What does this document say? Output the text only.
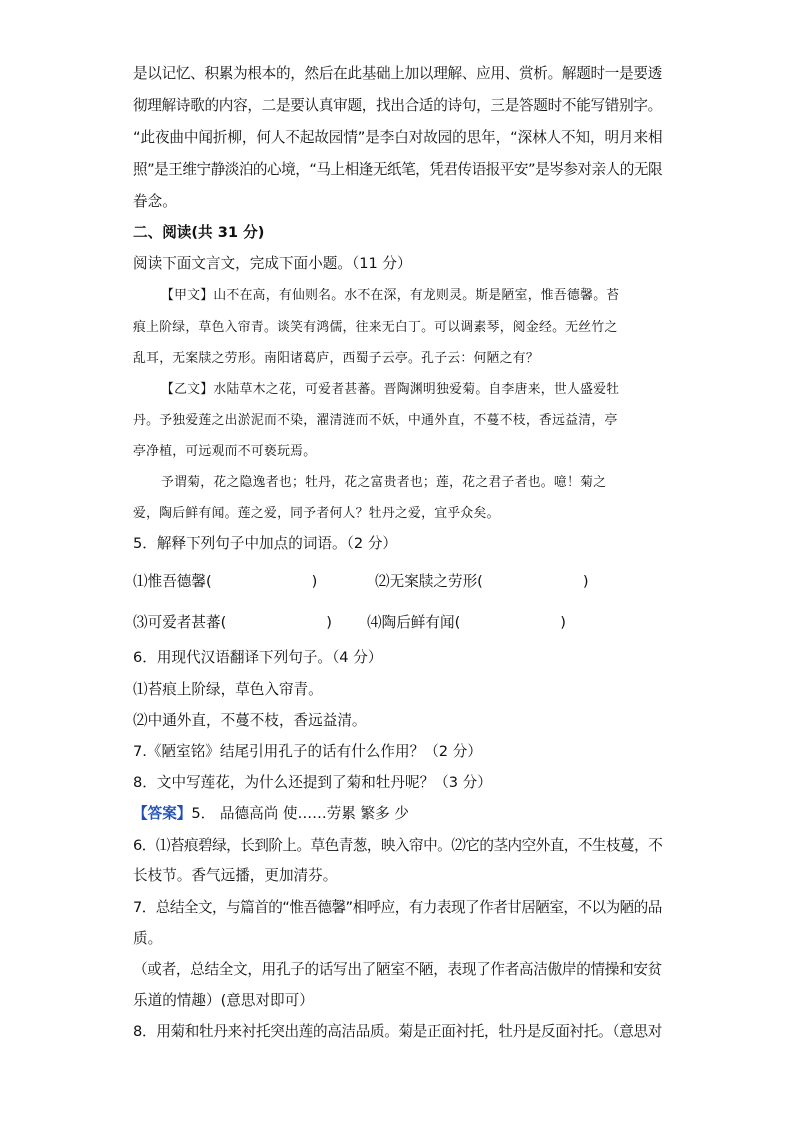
是以记忆、积累为根本的，然后在此基础上加以理解、应用、赏析。解题时一是要透
彻理解诗歌的内容，二是要认真审题，找出合适的诗句，三是答题时不能写错别字。
“此夜曲中闻折柳，何人不起故园情”是李白对故园的思年，“深林人不知，明月来相
照”是王维宁静淡泊的心境，“马上相逢无纸笔，凭君传语报平安”是岑参对亲人的无限
眷念。
二、阅读(共 31 分)
阅读下面文言文，完成下面小题。（11 分）
【甲文】山不在高，有仙则名。水不在深，有龙则灵。斯是陋室，惟吾德馨。苔
痕上阶绿，草色入帘青。谈笑有鸿儒，往来无白丁。可以调素琴，阅金经。无丝竹之
乱耳，无案牍之劳形。南阳诸葛庐，西蜀子云亭。孔子云：何陋之有？
【乙文】水陆草木之花，可爱者甚蕃。晋陶渊明独爱菊。自李唐来，世人盛爱牡
丹。予独爱莲之出淤泥而不染，濯清涟而不妖，中通外直，不蔓不枝，香远益清，亭
亭净植，可远观而不可亵玩焉。
予谓菊，花之隐逸者也；牡丹，花之富贵者也；莲，花之君子者也。噫！菊之
爱，陶后鲜有闻。莲之爱，同予者何人？牡丹之爱，宜乎众矣。
5．解释下列句子中加点的词语。（2 分）
⑴惟吾德馨(	)	⑵无案牍之劳形(	)
⑶可爱者甚蕃(	) ⑷陶后鲜有闻(	)
6．用现代汉语翻译下列句子。（4 分）
⑴苔痕上阶绿，草色入帘青。
⑵中通外直，不蔓不枝，香远益清。
7.《陋室铭》结尾引用孔子的话有什么作用？（2 分）
8．文中写莲花，为什么还提到了菊和牡丹呢？（3 分）
【答案】5． 品德高尚 使……劳累 繁多 少
6．⑴苔痕碧绿，长到阶上。草色青葱，映入帘中。⑵它的茎内空外直，不生枝蔓，不
长枝节。香气远播，更加清芬。
7．总结全文，与篇首的“惟吾德馨”相呼应，有力表现了作者甘居陋室，不以为陋的品
质。
（或者，总结全文，用孔子的话写出了陋室不陋，表现了作者高洁傲岸的情操和安贫
乐道的情趣）(意思对即可）
8．用菊和牡丹来衬托突出莲的高洁品质。菊是正面衬托，牡丹是反面衬托。（意思对
